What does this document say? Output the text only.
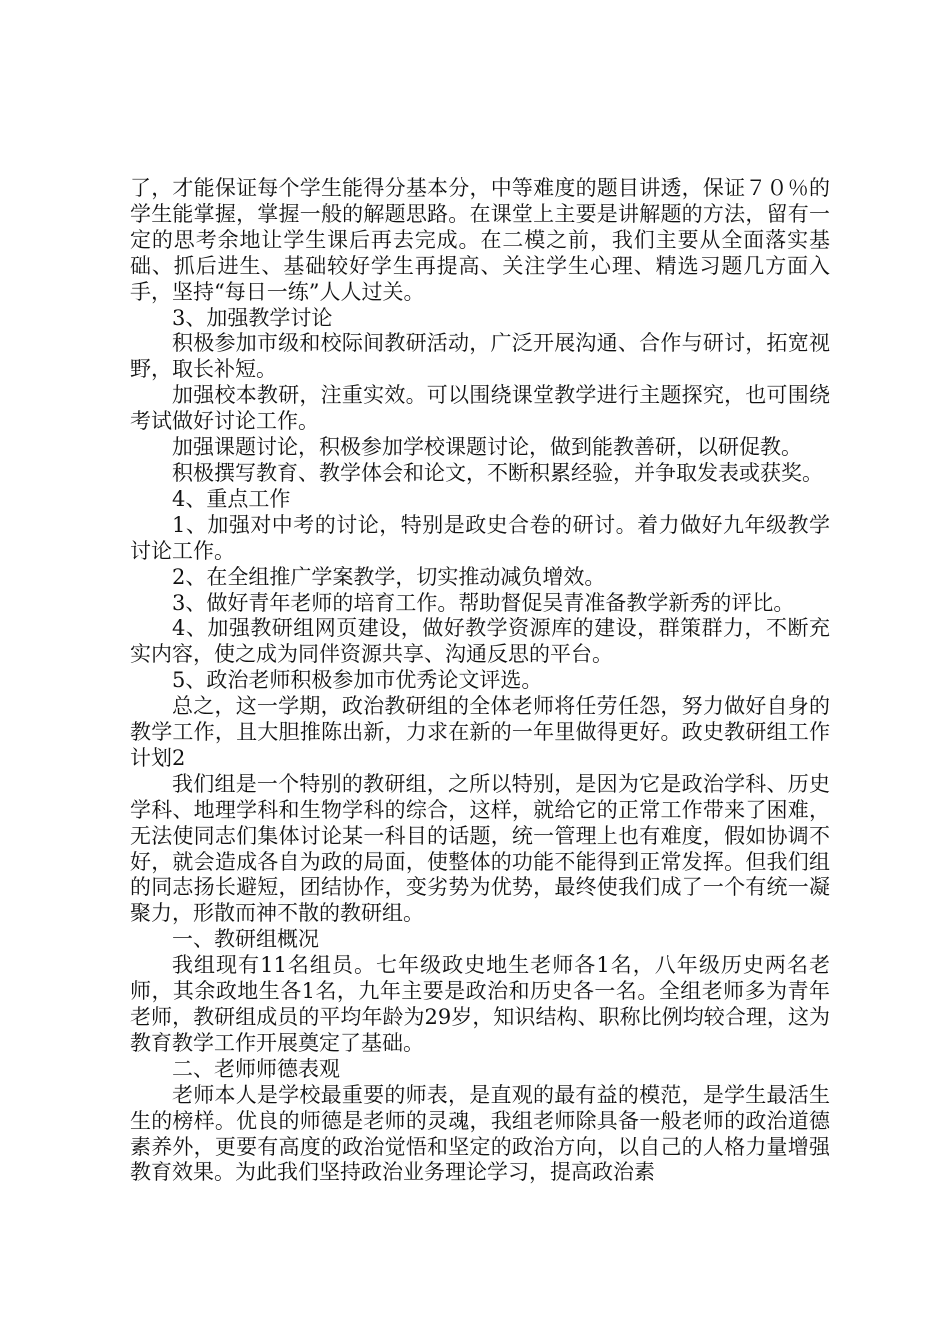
了，才能保证每个学生能得分基本分，中等难度的题目讲透，保证７０％的学生能掌握，掌握一般的解题思路。在课堂上主要是讲解题的方法，留有一定的思考余地让学生课后再去完成。在二模之前，我们主要从全面落实基础、抓后进生、基础较好学生再提高、关注学生心理、精选习题几方面入手，坚持“每日一练”人人过关。

3、加强教学讨论

积极参加市级和校际间教研活动，广泛开展沟通、合作与研讨，拓宽视野，取长补短。

加强校本教研，注重实效。可以围绕课堂教学进行主题探究，也可围绕考试做好讨论工作。

加强课题讨论，积极参加学校课题讨论，做到能教善研，以研促教。

积极撰写教育、教学体会和论文，不断积累经验，并争取发表或获奖。

4、重点工作

1、加强对中考的讨论，特别是政史合卷的研讨。着力做好九年级教学讨论工作。

2、在全组推广学案教学，切实推动减负增效。

3、做好青年老师的培育工作。帮助督促吴青准备教学新秀的评比。

4、加强教研组网页建设，做好教学资源库的建设，群策群力，不断充实内容，使之成为同伴资源共享、沟通反思的平台。

5、政治老师积极参加市优秀论文评选。

总之，这一学期，政治教研组的全体老师将任劳任怨，努力做好自身的教学工作，且大胆推陈出新，力求在新的一年里做得更好。政史教研组工作计划2

我们组是一个特别的教研组，之所以特别，是因为它是政治学科、历史学科、地理学科和生物学科的综合，这样，就给它的正常工作带来了困难，无法使同志们集体讨论某一科目的话题，统一管理上也有难度，假如协调不好，就会造成各自为政的局面，使整体的功能不能得到正常发挥。但我们组的同志扬长避短，团结协作，变劣势为优势，最终使我们成了一个有统一凝聚力，形散而神不散的教研组。

一、教研组概况

我组现有11名组员。七年级政史地生老师各1名，八年级历史两名老师，其余政地生各1名，九年主要是政治和历史各一名。全组老师多为青年老师，教研组成员的平均年龄为29岁，知识结构、职称比例均较合理，这为教育教学工作开展奠定了基础。

二、老师师德表观

老师本人是学校最重要的师表，是直观的最有益的模范，是学生最活生生的榜样。优良的师德是老师的灵魂，我组老师除具备一般老师的政治道德素养外，更要有高度的政治觉悟和坚定的政治方向，以自己的人格力量增强教育效果。为此我们坚持政治业务理论学习，提高政治素
